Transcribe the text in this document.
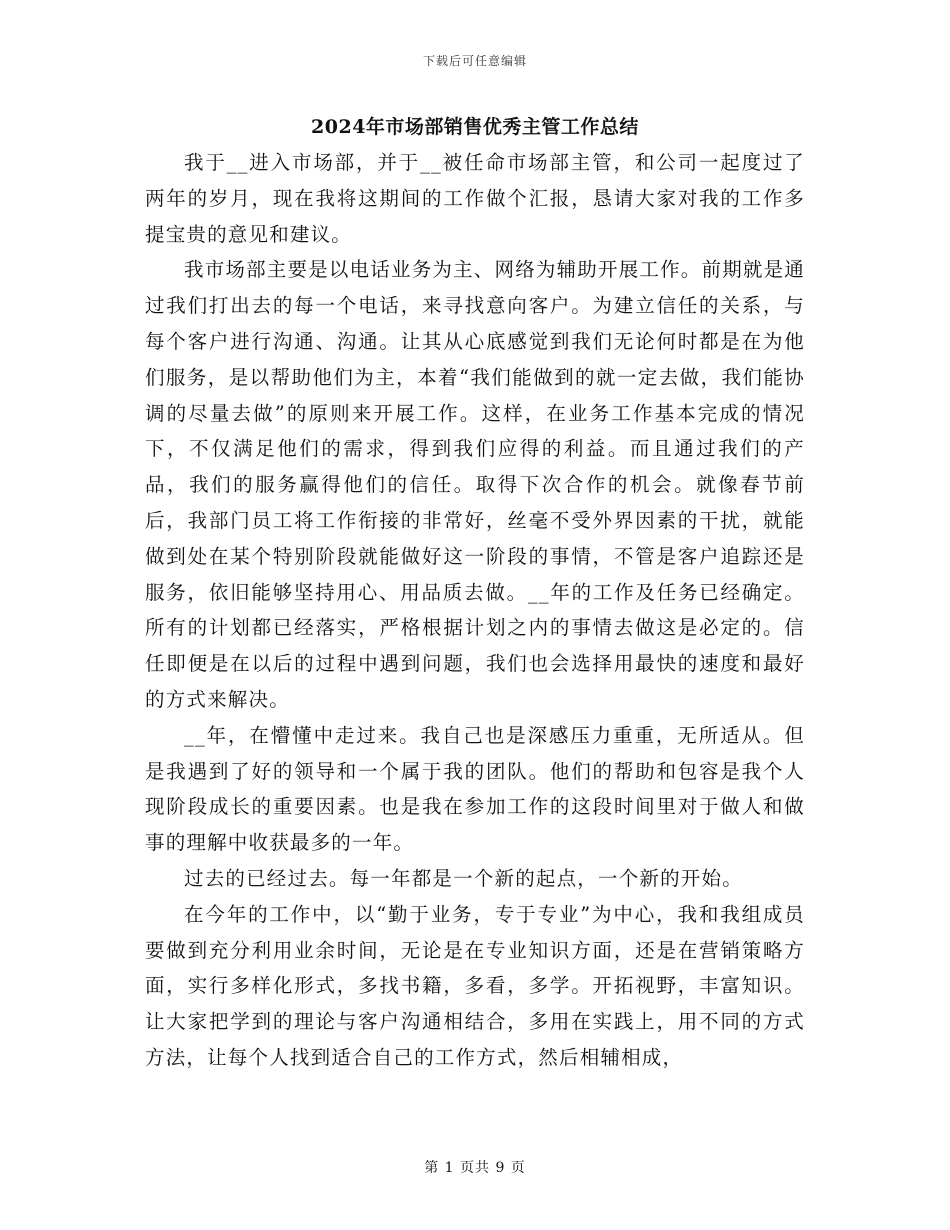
下载后可任意编辑
2024年市场部销售优秀主管工作总结

我于__进入市场部，并于__被任命市场部主管，和公司一起度过了两年的岁月，现在我将这期间的工作做个汇报，恳请大家对我的工作多提宝贵的意见和建议。

我市场部主要是以电话业务为主、网络为辅助开展工作。前期就是通过我们打出去的每一个电话，来寻找意向客户。为建立信任的关系，与每个客户进行沟通、沟通。让其从心底感觉到我们无论何时都是在为他们服务，是以帮助他们为主，本着“我们能做到的就一定去做，我们能协调的尽量去做”的原则来开展工作。这样，在业务工作基本完成的情况下，不仅满足他们的需求，得到我们应得的利益。而且通过我们的产品，我们的服务赢得他们的信任。取得下次合作的机会。就像春节前后，我部门员工将工作衔接的非常好，丝毫不受外界因素的干扰，就能做到处在某个特别阶段就能做好这一阶段的事情，不管是客户追踪还是服务，依旧能够坚持用心、用品质去做。__年的工作及任务已经确定。所有的计划都已经落实，严格根据计划之内的事情去做这是必定的。信任即便是在以后的过程中遇到问题，我们也会选择用最快的速度和最好的方式来解决。

__年，在懵懂中走过来。我自己也是深感压力重重，无所适从。但是我遇到了好的领导和一个属于我的团队。他们的帮助和包容是我个人现阶段成长的重要因素。也是我在参加工作的这段时间里对于做人和做事的理解中收获最多的一年。

过去的已经过去。每一年都是一个新的起点，一个新的开始。

在今年的工作中，以“勤于业务，专于专业”为中心，我和我组成员要做到充分利用业余时间，无论是在专业知识方面，还是在营销策略方面，实行多样化形式，多找书籍，多看，多学。开拓视野，丰富知识。让大家把学到的理论与客户沟通相结合，多用在实践上，用不同的方式方法，让每个人找到适合自己的工作方式，然后相辅相成，

第 1 页共 9 页
